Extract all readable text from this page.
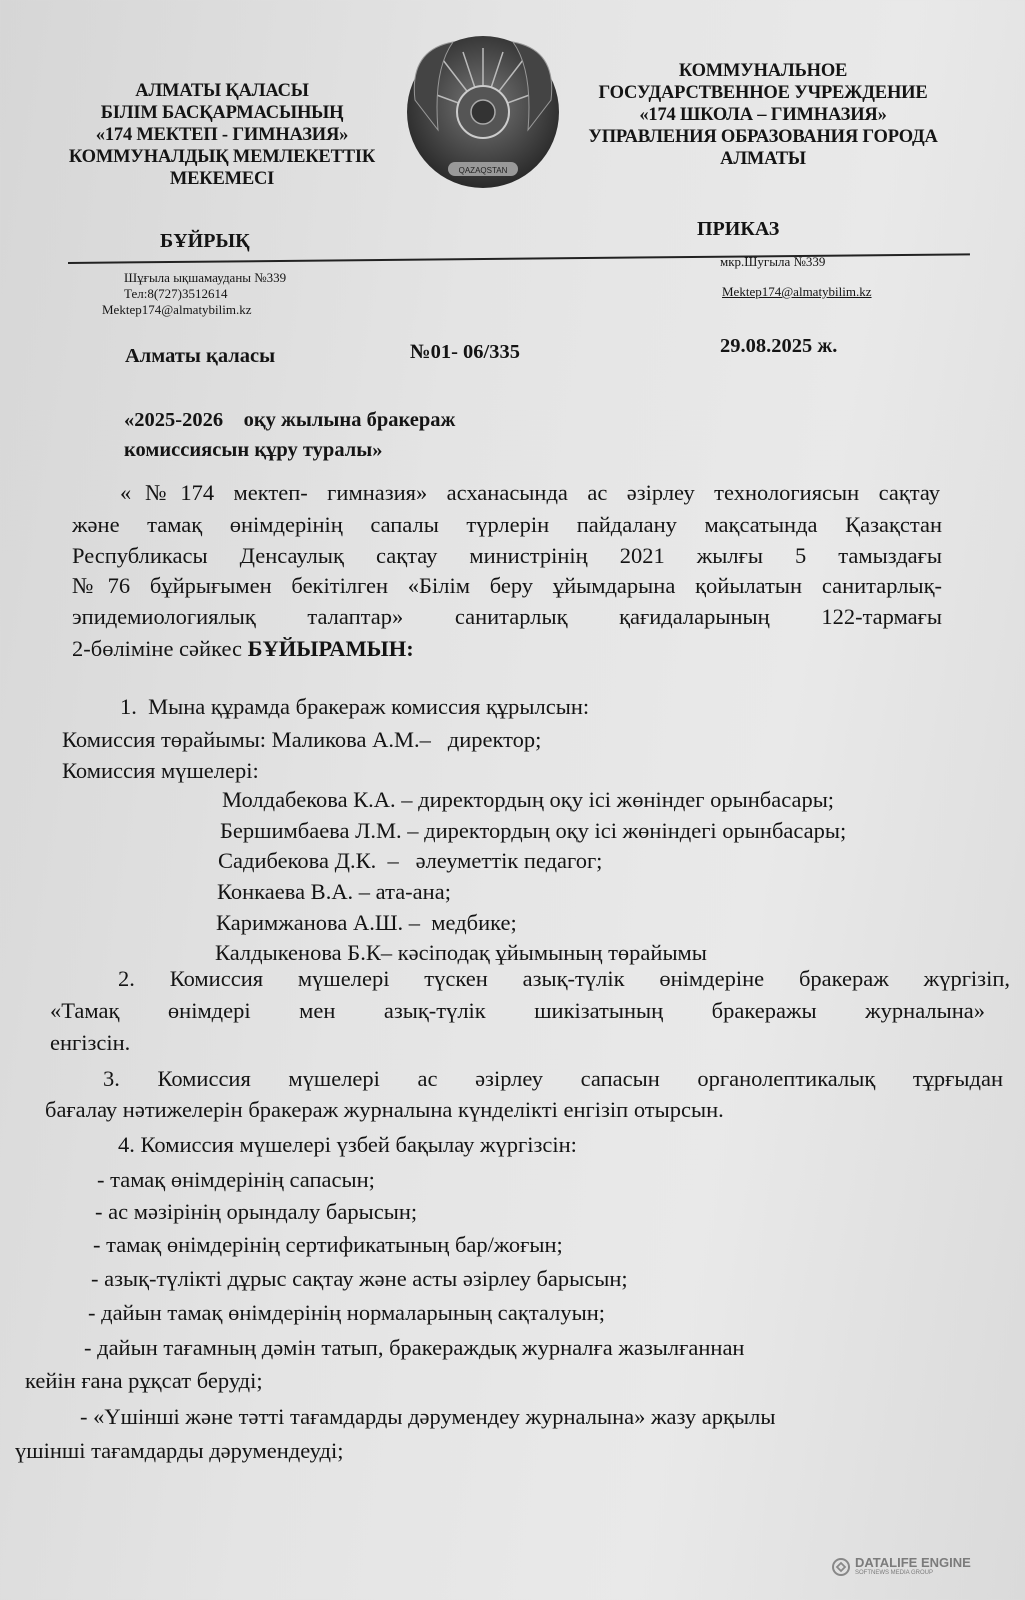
АЛМАТЫ ҚАЛАСЫ
БІЛІМ БАСҚАРМАСЫНЫҢ
«174 МЕКТЕП - ГИМНАЗИЯ»
КОММУНАЛДЫҚ МЕМЛЕКЕТТІК
МЕКЕМЕСІ	QAZAQSTAN
КОММУНАЛЬНОЕ
ГОСУДАРСТВЕННОЕ УЧРЕЖДЕНИЕ
«174 ШКОЛА – ГИМНАЗИЯ»
УПРАВЛЕНИЯ ОБРАЗОВАНИЯ ГОРОДА
АЛМАТЫ
БҰЙРЫҚ
ПРИКАЗ
Шұғыла ықшамауданы №339
Тел:8(727)3512614
Mektep174@almatybilim.kz
мкр.Шугыла №339
Mektep174@almatybilim.kz
Алматы қаласы	№01- 06/335	29.08.2025 ж.
«2025-2026    оқу жылына бракераж
комиссиясын құру туралы»
«№174 мектеп- гимназия» асханасында ас әзірлеу технологиясын сақтау
және тамақ өнімдерінің сапалы түрлерін пайдалану мақсатында Қазақстан
Республикасы Денсаулық сақтау министрінің 2021 жылғы 5 тамыздағы
№76 бұйрығымен бекітілген «Білім беру ұйымдарына қойылатын санитарлық-
эпидемиологиялық талаптар» санитарлық қағидаларының 122-тармағы
2-бөліміне сәйкес БҰЙЫРАМЫН:
1.  Мына құрамда бракераж комиссия құрылсын:
Комиссия төрайымы: Маликова А.М.–   директор;
Комиссия мүшелері:
Молдабекова К.А. – директордың оқу ісі жөніндег орынбасары;
Бершимбаева Л.М. – директордың оқу ісі жөніндегі орынбасары;
Садибекова Д.К.  –   әлеуметтік педагог;
Конкаева В.А. – ата-ана;
Каримжанова А.Ш. –  медбике;
Калдыкенова Б.К– кәсіподақ ұйымының төрайымы
2. Комиссия мүшелері түскен азық-түлік өнімдеріне бракераж жүргізіп,
«Тамақ өнімдері мен азық-түлік шикізатының бракеражы журналына»
енгізсін.
3. Комиссия мүшелері ас әзірлеу сапасын органолептикалық тұрғыдан
бағалау нәтижелерін бракераж журналына күнделікті енгізіп отырсын.
4. Комиссия мүшелері үзбей бақылау жүргізсін:
- тамақ өнімдерінің сапасын;
- ас мәзірінің орындалу барысын;
- тамақ өнімдерінің сертификатының бар/жоғын;
- азық-түлікті дұрыс сақтау және асты әзірлеу барысын;
- дайын тамақ өнімдерінің нормаларының сақталуын;
- дайын тағамның дәмін татып, бракераждық журналға жазылғаннан
кейін ғана рұқсат беруді;
- «Үшінші және тәтті тағамдарды дәрумендеу журналына» жазу арқылы
үшінші тағамдарды дәрумендеуді;
DATALIFE ENGINE
SOFTNEWS MEDIA GROUP
